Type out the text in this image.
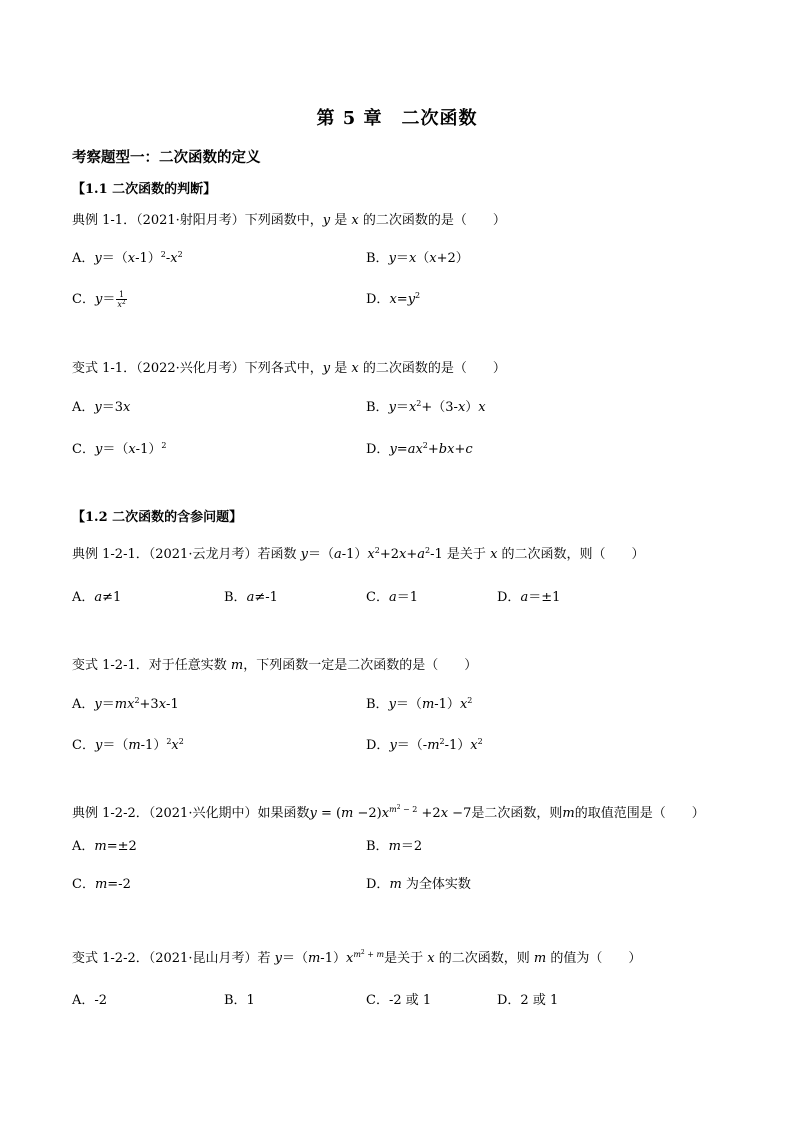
第 5 章　二次函数
考察题型一：二次函数的定义
【1.1 二次函数的判断】
典例 1-1．（2021·射阳月考）下列函数中，y 是 x 的二次函数的是（　　）
A．$y=(x-1)^2-x^2$	B．y＝x（x+2）
C．$y= \frac{1}{x^2}$	D．$x=y^2$
变式 1-1．（2022·兴化月考）下列各式中，y 是 x 的二次函数的是（　　）
A．y＝3x	B．$y=x^2+(3-x)x$
C．$y=(x-1)^2$	D．$y=ax^2+bx+c$
【1.2 二次函数的含参问题】
典例 1-2-1．（2021·云龙月考）若函数 $y=(a-1)x^2+2x+a^2-1$ 是关于 x 的二次函数，则（　　）
A．a≠1	B．a≠-1	C．a＝1	D．a＝±1
变式 1-2-1．对于任意实数 m，下列函数一定是二次函数的是（　　）
A．$y=mx^2+3x-1$	B．$y=(m-1)x^2$
C．$y=(m-1)^2x^2$	D．$y=(-m^2-1)x^2$
典例 1-2-2．（2021·兴化期中）如果函数$y = (m -2)x^{m^2 - 2} +2x -7$是二次函数，则m的取值范围是（　　）
A．m=±2	B．m＝2
C．m=-2	D．m 为全体实数
变式 1-2-2．（2021·昆山月考）若 $y=(m-1)x^{m^2 + m}$是关于 x 的二次函数，则 m 的值为（　　）
A．-2	B．1	C．-2 或 1	D．2 或 1
